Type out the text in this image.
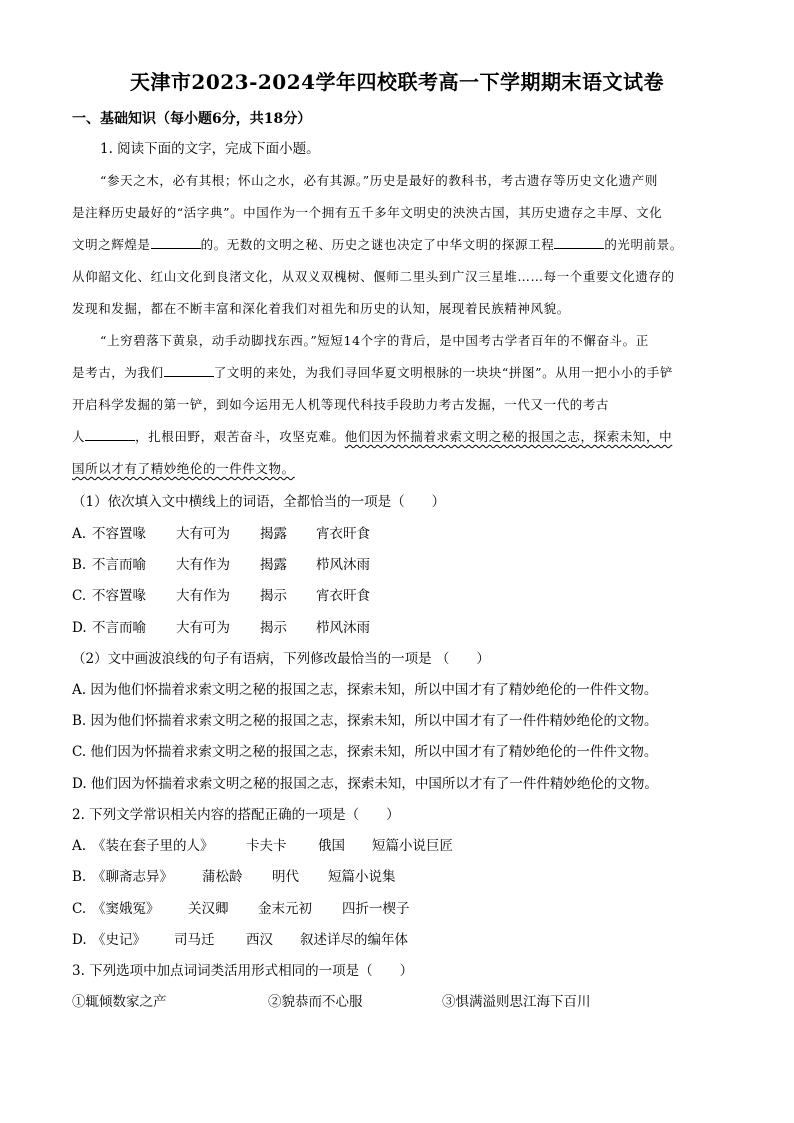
天津市2023-2024学年四校联考高一下学期期末语文试卷
一、基础知识（每小题6分，共18分）
1. 阅读下面的文字，完成下面小题。
“参天之木，必有其根；怀山之水，必有其源。”历史是最好的教科书，考古遗存等历史文化遗产则
是注释历史最好的“活字典”。中国作为一个拥有五千多年文明史的泱泱古国，其历史遗存之丰厚、文化
文明之辉煌是	的。无数的文明之秘、历史之谜也决定了中华文明的探源工程	的光明前景。
从仰韶文化、红山文化到良渚文化，从双义双槐树、偃师二里头到广汉三星堆……每一个重要文化遗存的
发现和发掘，都在不断丰富和深化着我们对祖先和历史的认知，展现着民族精神风貌。
“上穷碧落下黄泉，动手动脚找东西。”短短14个字的背后，是中国考古学者百年的不懈奋斗。正
是考古，为我们	了文明的来处，为我们寻回华夏文明根脉的一块块“拼图”。从用一把小小的手铲
开启科学发掘的第一铲，到如今运用无人机等现代科技手段助力考古发掘，一代又一代的考古
人	，扎根田野，艰苦奋斗，攻坚克难。他们因为怀揣着求索文明之秘的报国之志，探索未知，中
国所以才有了精妙绝伦的一件件文物。
（1）依次填入文中横线上的词语，全都恰当的一项是（　　）
A. 不容置喙 大有可为 揭露 宵衣旰食
B. 不言而喻 大有作为 揭露 栉风沐雨
C. 不容置喙 大有作为 揭示 宵衣旰食
D. 不言而喻 大有可为 揭示 栉风沐雨
（2）文中画波浪线的句子有语病，下列修改最恰当的一项是 （　　）
A. 因为他们怀揣着求索文明之秘的报国之志，探索未知，所以中国才有了精妙绝伦的一件件文物。
B. 因为他们怀揣着求索文明之秘的报国之志，探索未知，所以中国才有了一件件精妙绝伦的文物。
C. 他们因为怀揣着求索文明之秘的报国之志，探索未知，所以中国才有了精妙绝伦的一件件文物。
D. 他们因为怀揣着求索文明之秘的报国之志，探索未知，中国所以才有了一件件精妙绝伦的文物。
2. 下列文学常识相关内容的搭配正确的一项是（　　）
A. 《装在套子里的人》 卡夫卡 俄国 短篇小说巨匠
B. 《聊斋志异》 蒲松龄 明代 短篇小说集
C. 《窦娥冤》 关汉卿 金末元初 四折一楔子
D. 《史记》 司马迁 西汉 叙述详尽的编年体
3. 下列选项中加点词词类活用形式相同的一项是（　　）
①辄倾数家之产	②貌恭而不心服	③惧满溢则思江海下百川
